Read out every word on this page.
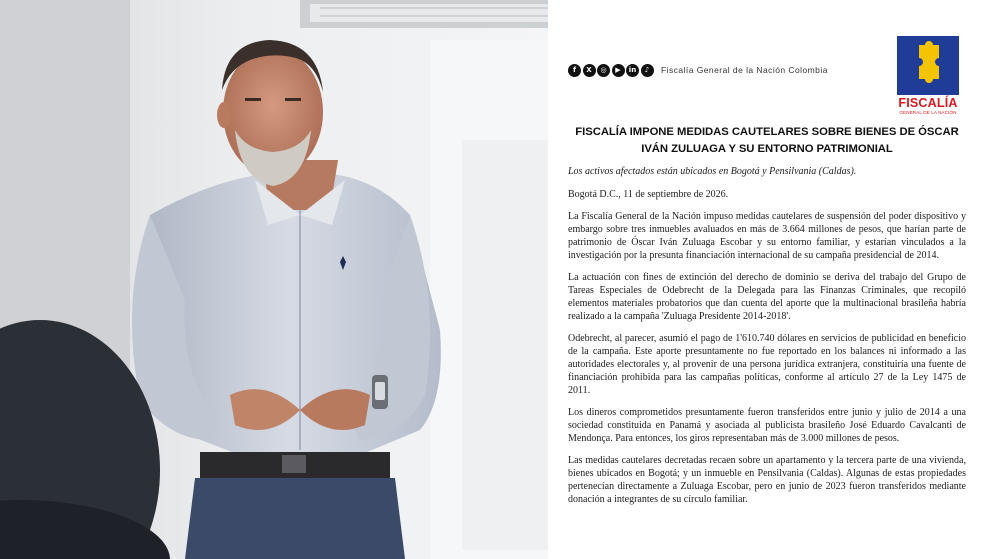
f	X	◎	▶	in	♪	Fiscalía General de la Nación Colombia
FISCALÍA
GENERAL DE LA NACIÓN
FISCALÍA IMPONE MEDIDAS CAUTELARES SOBRE BIENES DE ÓSCAR IVÁN ZULUAGA Y SU ENTORNO PATRIMONIAL
Los activos afectados están ubicados en Bogotá y Pensilvania (Caldas).
Bogotá D.C., 11 de septiembre de 2026.
La Fiscalía General de la Nación impuso medidas cautelares de suspensión del poder dispositivo y embargo sobre tres inmuebles avaluados en más de 3.664 millones de pesos, que harían parte de patrimonio de Óscar Iván Zuluaga Escobar y su entorno familiar, y estarían vinculados a la investigación por la presunta financiación internacional de su campaña presidencial de 2014.
La actuación con fines de extinción del derecho de dominio se deriva del trabajo del Grupo de Tareas Especiales de Odebrecht de la Delegada para las Finanzas Criminales, que recopiló elementos materiales probatorios que dan cuenta del aporte que la multinacional brasileña habría realizado a la campaña 'Zuluaga Presidente 2014-2018'.
Odebrecht, al parecer, asumió el pago de 1'610.740 dólares en servicios de publicidad en beneficio de la campaña. Este aporte presuntamente no fue reportado en los balances ni informado a las autoridades electorales y, al provenir de una persona jurídica extranjera, constituiría una fuente de financiación prohibida para las campañas políticas, conforme al artículo 27 de la Ley 1475 de 2011.
Los dineros comprometidos presuntamente fueron transferidos entre junio y julio de 2014 a una sociedad constituida en Panamá y asociada al publicista brasileño José Eduardo Cavalcanti de Mendonça. Para entonces, los giros representaban más de 3.000 millones de pesos.
Las medidas cautelares decretadas recaen sobre un apartamento y la tercera parte de una vivienda, bienes ubicados en Bogotá; y un inmueble en Pensilvania (Caldas). Algunas de estas propiedades pertenecían directamente a Zuluaga Escobar, pero en junio de 2023 fueron transferidos mediante donación a integrantes de su círculo familiar.
